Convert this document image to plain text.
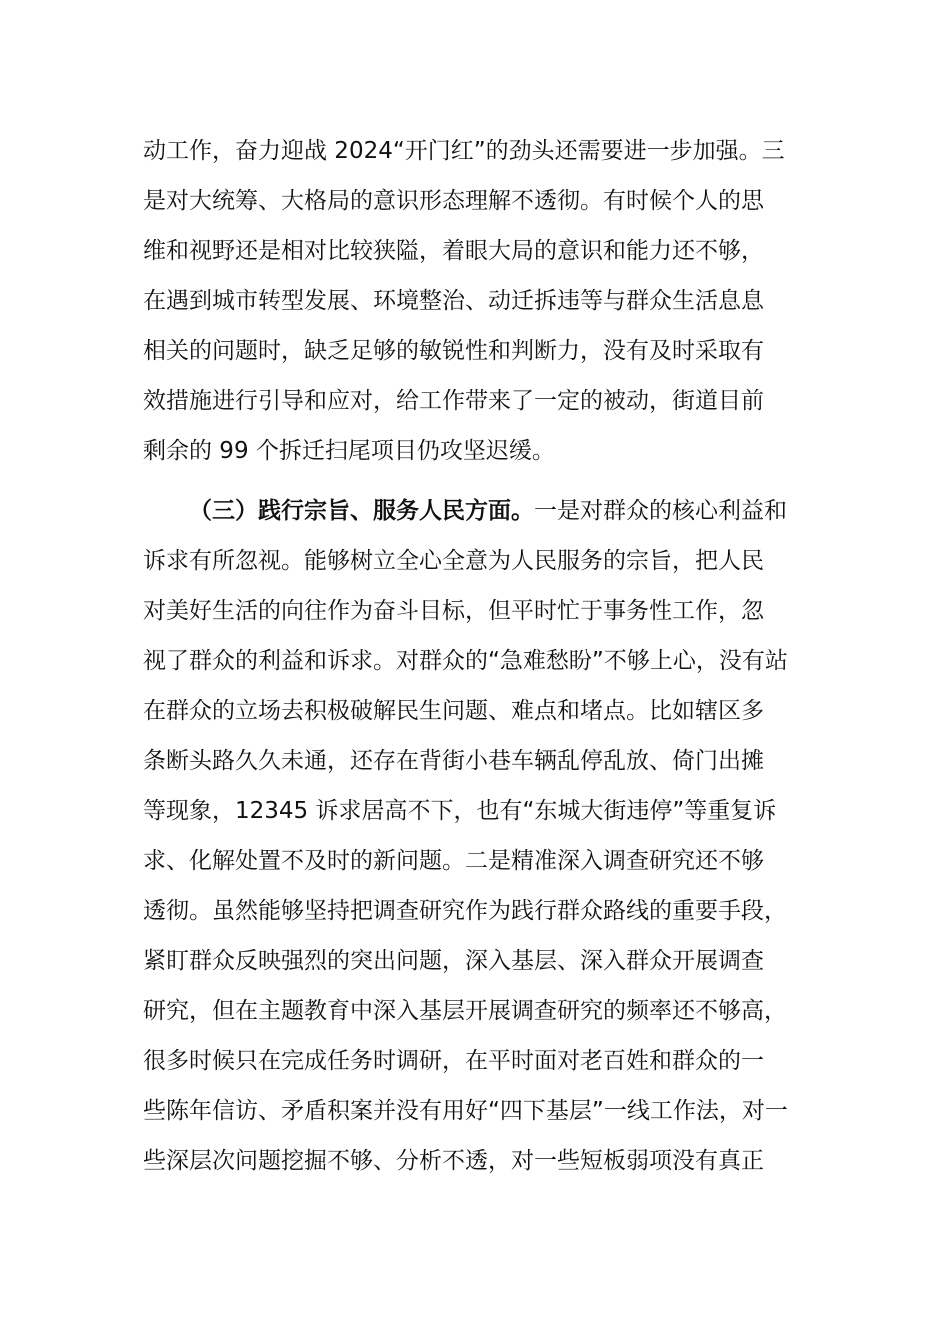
动工作，奋力迎战 2024“开门红”的劲头还需要进一步加强。三
是对大统筹、大格局的意识形态理解不透彻。有时候个人的思
维和视野还是相对比较狭隘，着眼大局的意识和能力还不够，
在遇到城市转型发展、环境整治、动迁拆违等与群众生活息息
相关的问题时，缺乏足够的敏锐性和判断力，没有及时采取有
效措施进行引导和应对，给工作带来了一定的被动，街道目前
剩余的 99 个拆迁扫尾项目仍攻坚迟缓。
（三）践行宗旨、服务人民方面。一是对群众的核心利益和
诉求有所忽视。能够树立全心全意为人民服务的宗旨，把人民
对美好生活的向往作为奋斗目标，但平时忙于事务性工作，忽
视了群众的利益和诉求。对群众的“急难愁盼”不够上心，没有站
在群众的立场去积极破解民生问题、难点和堵点。比如辖区多
条断头路久久未通，还存在背街小巷车辆乱停乱放、倚门出摊
等现象，12345 诉求居高不下，也有“东城大街违停”等重复诉
求、化解处置不及时的新问题。二是精准深入调查研究还不够
透彻。虽然能够坚持把调查研究作为践行群众路线的重要手段，
紧盯群众反映强烈的突出问题，深入基层、深入群众开展调查
研究，但在主题教育中深入基层开展调查研究的频率还不够高，
很多时候只在完成任务时调研，在平时面对老百姓和群众的一
些陈年信访、矛盾积案并没有用好“四下基层”一线工作法，对一
些深层次问题挖掘不够、分析不透，对一些短板弱项没有真正
